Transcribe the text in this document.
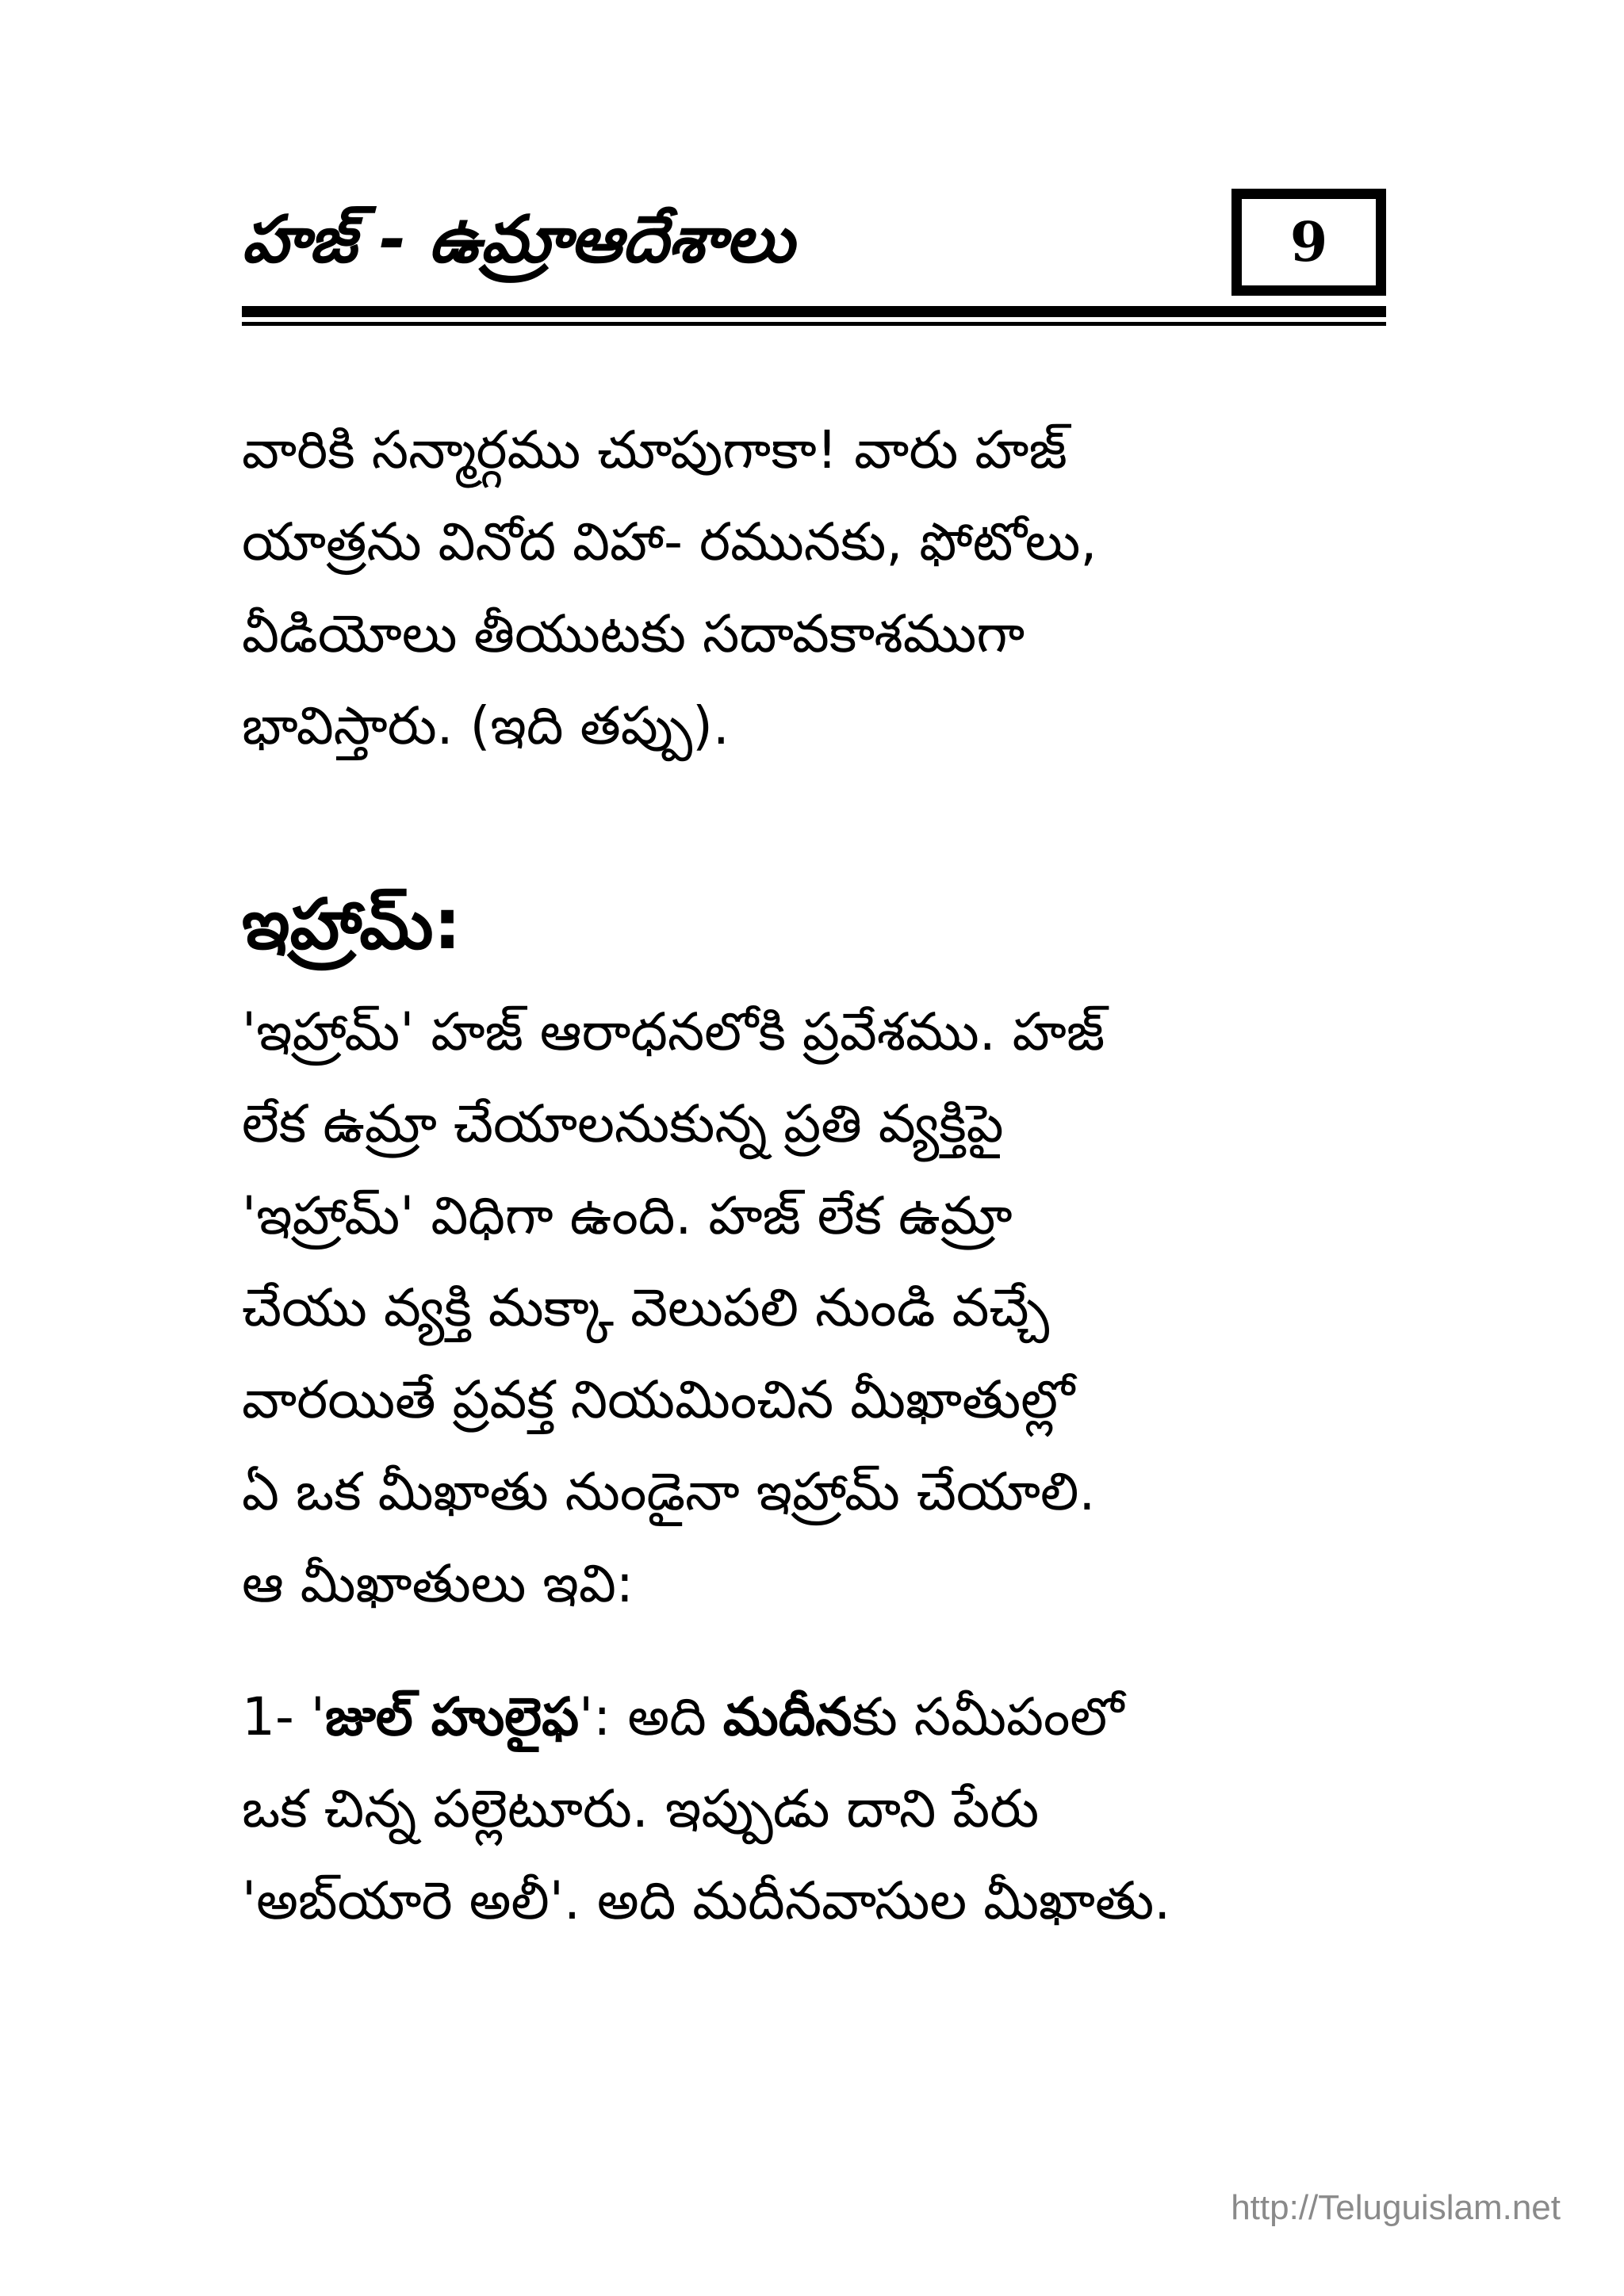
హజ్ - ఉమ్రాఆదేశాలు	9

వారికి సన్మార్గము చూపుగాకా! వారు హజ్
యాత్రను వినోద విహా- రమునకు, ఫోటోలు,
వీడియోలు తీయుటకు సదావకాశముగా
భావిస్తారు. (ఇది తప్పు).

ఇహ్రామ్:

'ఇహ్రామ్' హజ్ ఆరాధనలోకి ప్రవేశము. హజ్
లేక ఉమ్రా చేయాలనుకున్న ప్రతి వ్యక్తిపై
'ఇహ్రామ్' విధిగా ఉంది. హజ్ లేక ఉమ్రా
చేయు వ్యక్తి మక్కా వెలుపలి నుండి వచ్చే
వారయితే ప్రవక్త నియమించిన మీఖాతుల్లో
ఏ ఒక మీఖాతు నుండైనా ఇహ్రామ్ చేయాలి.
ఆ మీఖాతులు ఇవి:

1- 'జుల్ హులైఫ': అది మదీనకు సమీపంలో
ఒక చిన్న పల్లెటూరు. ఇప్పుడు దాని పేరు
'అబ్‌యారె అలీ'. అది మదీనవాసుల మీఖాతు.

http://Teluguislam.net
